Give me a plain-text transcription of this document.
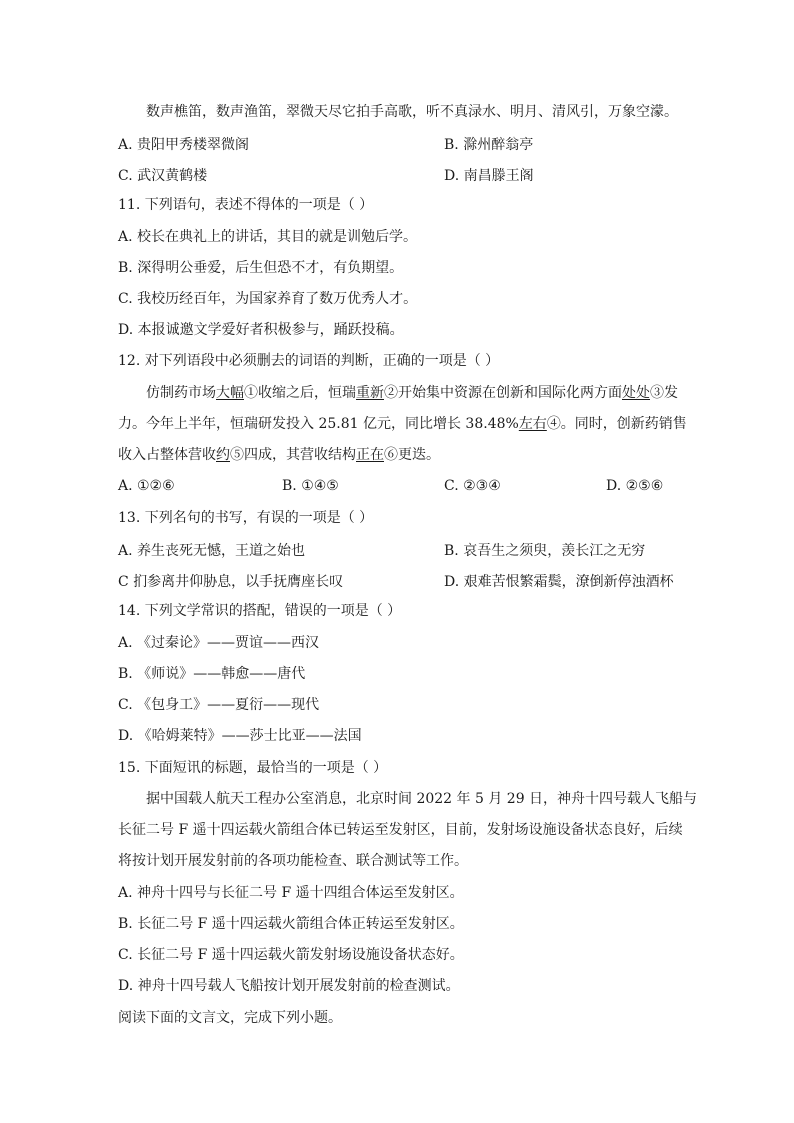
数声樵笛，数声渔笛，翠微天尽它拍手高歌，听不真渌水、明月、清风引，万象空濛。
A. 贵阳甲秀楼翠微阁	B. 滁州醉翁亭
C. 武汉黄鹤楼	D. 南昌滕王阁
11. 下列语句，表述不得体的一项是（ ）
A. 校长在典礼上的讲话，其目的就是训勉后学。
B. 深得明公垂爱，后生但恐不才，有负期望。
C. 我校历经百年，为国家养育了数万优秀人才。
D. 本报诚邀文学爱好者积极参与，踊跃投稿。
12. 对下列语段中必须删去的词语的判断，正确的一项是（ ）
仿制药市场大幅①收缩之后，恒瑞重新②开始集中资源在创新和国际化两方面处处③发
力。今年上半年，恒瑞研发投入 25.81 亿元，同比增长 38.48%左右④。同时，创新药销售
收入占整体营收约⑤四成，其营收结构正在⑥更迭。
A. ①②⑥	B. ①④⑤	C. ②③④	D. ②⑤⑥
13. 下列名句的书写，有误的一项是（ ）
A. 养生丧死无憾，王道之始也	B. 哀吾生之须臾，羡长江之无穷
C 扪参离井仰胁息，以手抚膺座长叹	D. 艰难苦恨繁霜鬓，潦倒新停浊酒杯
14. 下列文学常识的搭配，错误的一项是（ ）
A. 《过秦论》——贾谊——西汉
B. 《师说》——韩愈——唐代
C. 《包身工》——夏衍——现代
D. 《哈姆莱特》——莎士比亚——法国
15. 下面短讯的标题，最恰当的一项是（ ）
据中国载人航天工程办公室消息，北京时间 2022 年 5 月 29 日，神舟十四号载人飞船与
长征二号 F 遥十四运载火箭组合体已转运至发射区，目前，发射场设施设备状态良好，后续
将按计划开展发射前的各项功能检查、联合测试等工作。
A. 神舟十四号与长征二号 F 遥十四组合体运至发射区。
B. 长征二号 F 遥十四运载火箭组合体正转运至发射区。
C. 长征二号 F 遥十四运载火箭发射场设施设备状态好。
D. 神舟十四号载人飞船按计划开展发射前的检查测试。
阅读下面的文言文，完成下列小题。
